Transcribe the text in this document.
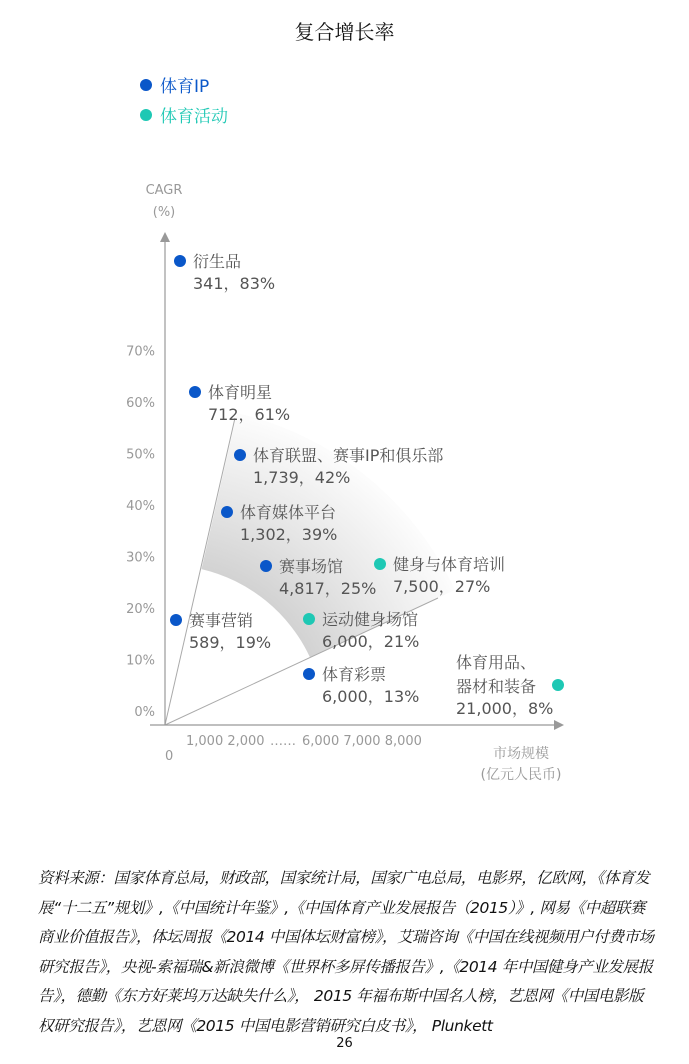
复合增长率
体育IP
体育活动
0%
10%
20%
30%
40%
50%
60%
70%
CAGR
(%)
0
1,000 2,000 …… 6,000 7,000 8,000
市场规模
(亿元人民币)
衍生品
341，83%
体育明星
712，61%
体育联盟、赛事IP和俱乐部
1,739，42%
体育媒体平台
1,302，39%
赛事场馆
4,817，25%
健身与体育培训
7,500，27%
运动健身场馆
6,000，21%
赛事营销
589，19%
体育彩票
6,000，13%
体育用品、
器材和装备
21,000，8%
资料来源：国家体育总局，财政部，国家统计局，国家广电总局，电影界，亿欧网，《体育发展“十二五”规划》,《中国统计年鉴》,《中国体育产业发展报告（2015）》, 网易《中超联赛商业价值报告》，体坛周报《2014 中国体坛财富榜》，艾瑞咨询《中国在线视频用户付费市场研究报告》，央视-索福瑞&新浪微博《世界杯多屏传播报告》,《2014 年中国健身产业发展报告》，德勤《东方好莱坞万达缺失什么》， 2015 年福布斯中国名人榜，艺恩网《中国电影版权研究报告》，艺恩网《2015 中国电影营销研究白皮书》， Plunkett
26
